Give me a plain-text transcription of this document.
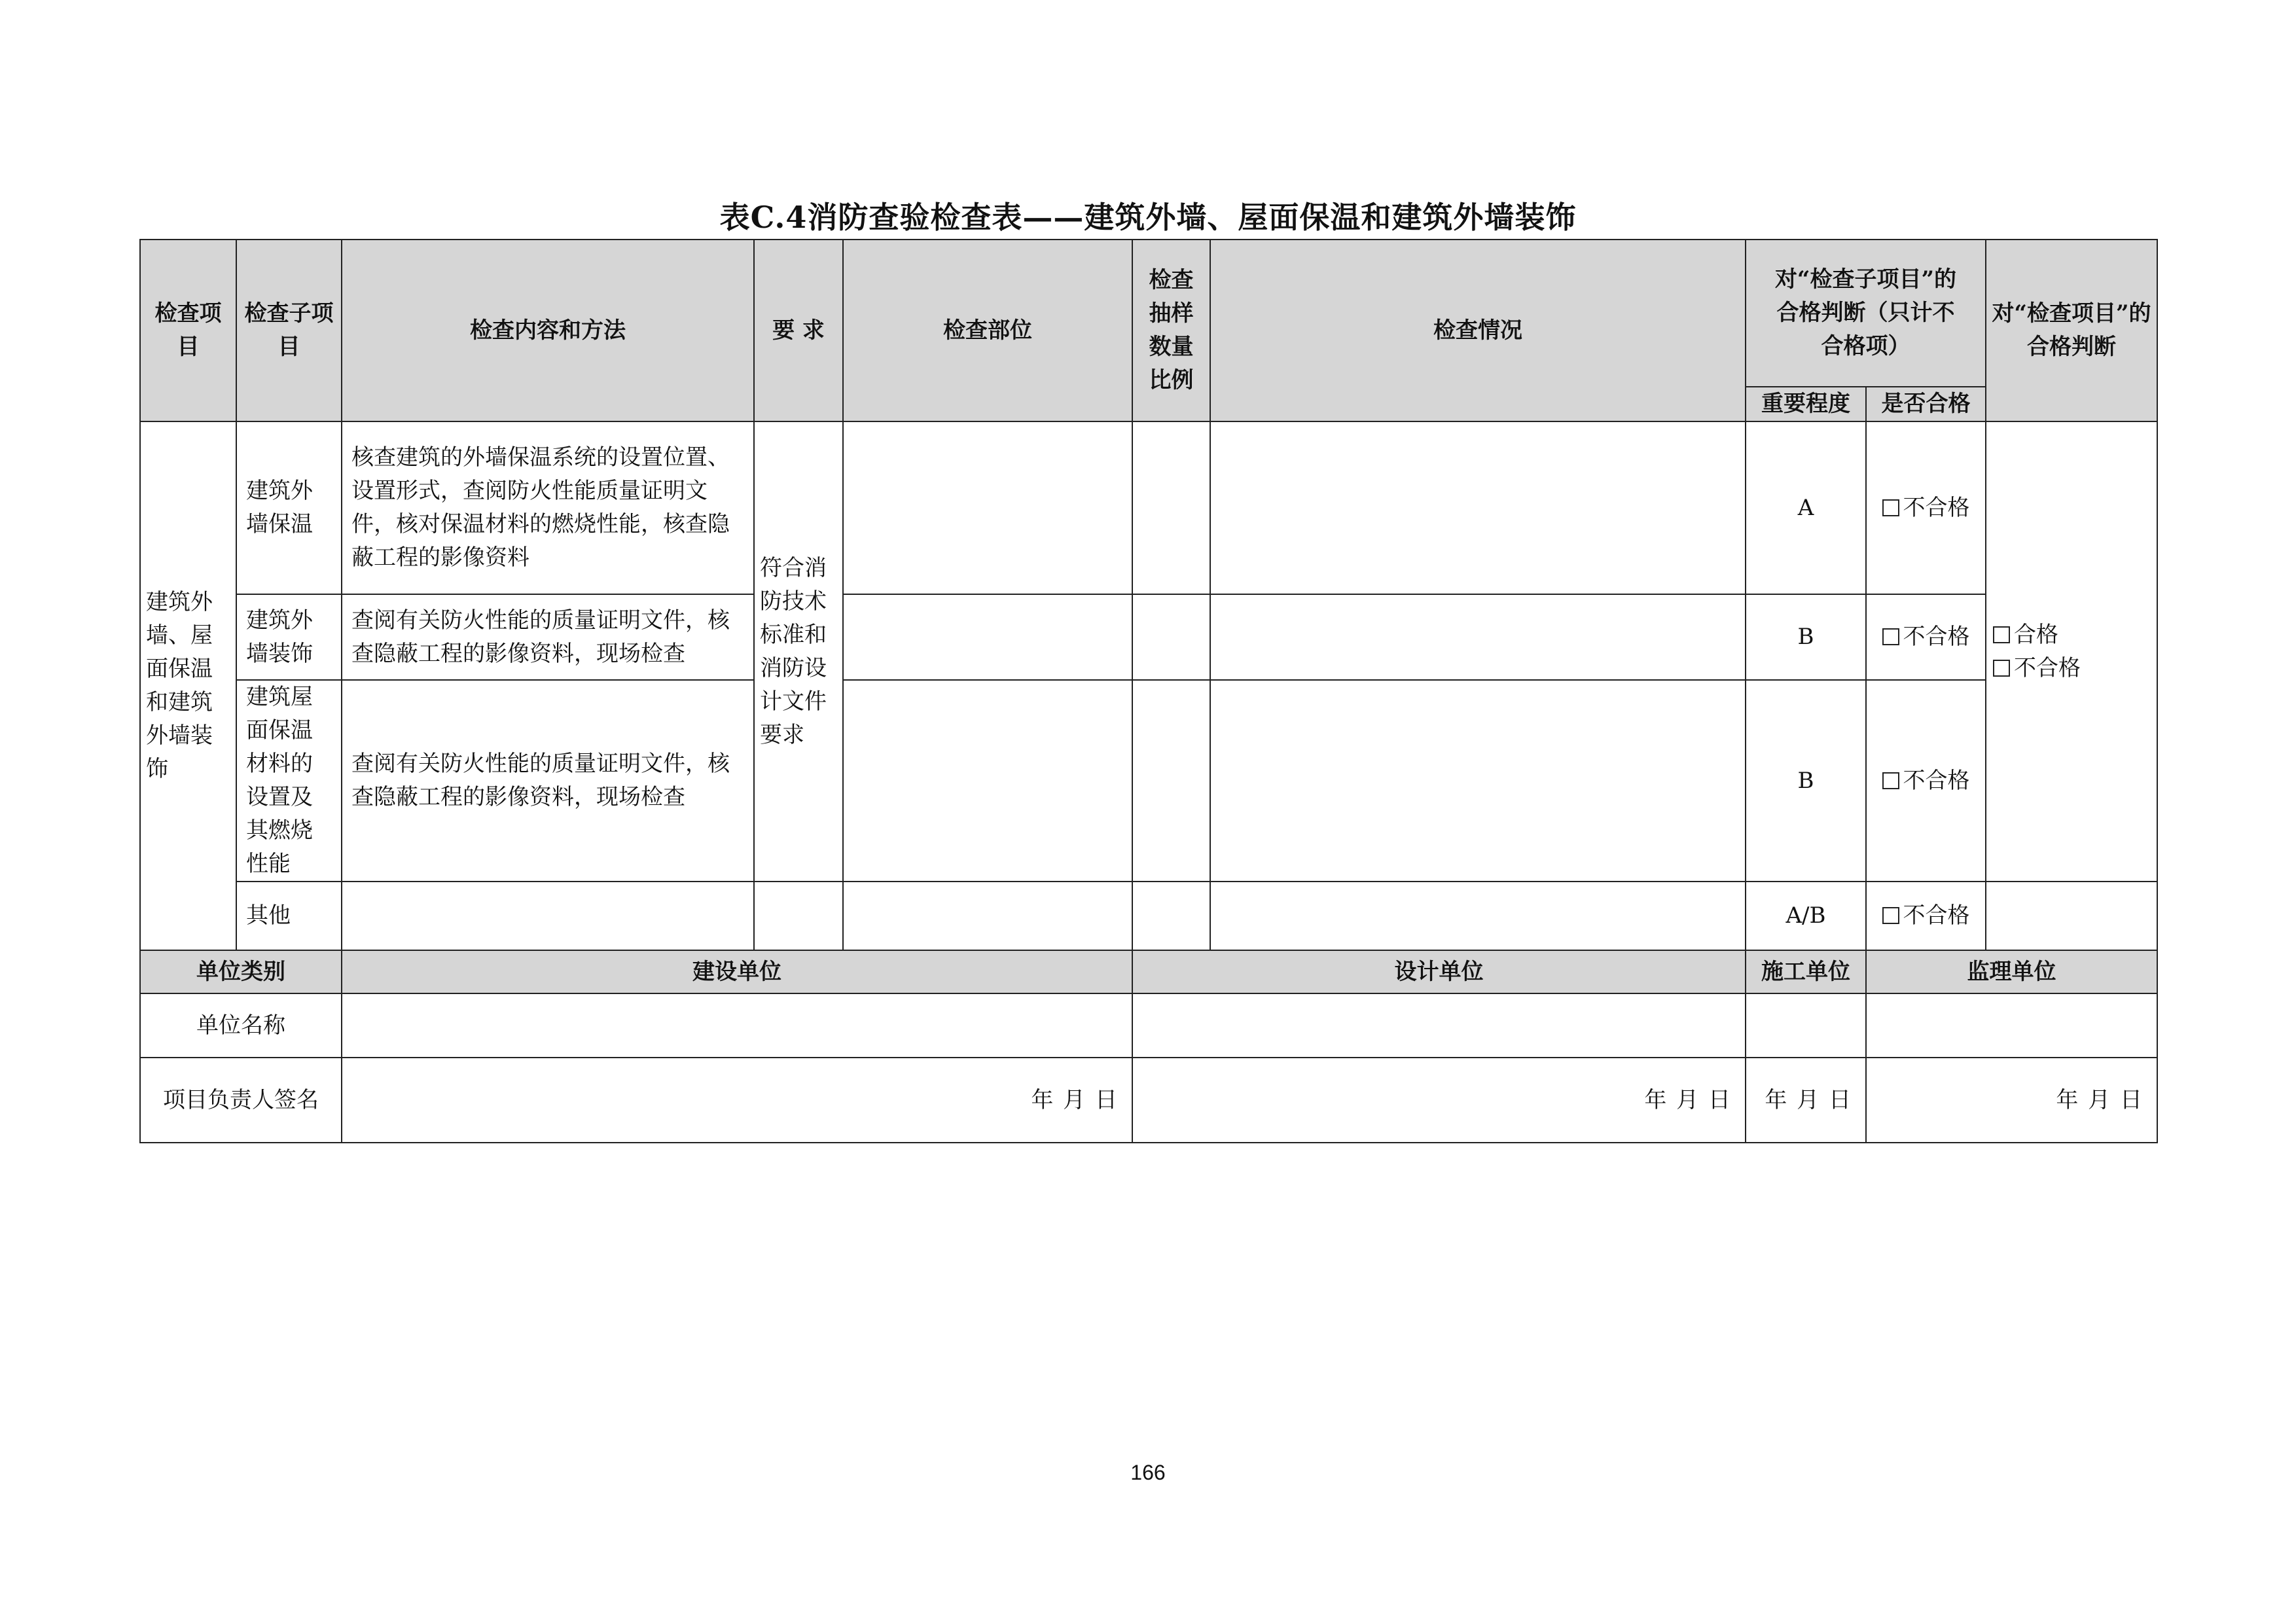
表C.4消防查验检查表——建筑外墙、屋面保温和建筑外墙装饰
检查项目	检查子项目	检查内容和方法	要 求	检查部位	检查抽样数量比例	检查情况	对“检查子项目”的合格判断（只计不合格项）		对“检查项目”的合格判断
							重要程度	是否合格	
建筑外墙、屋面保温和建筑外墙装饰	建筑外墙保温	核查建筑的外墙保温系统的设置位置、设置形式，查阅防火性能质量证明文件，核对保温材料的燃烧性能，核查隐蔽工程的影像资料	符合消防技术标准和消防设计文件要求				A	不合格	合格
不合格
	建筑外墙装饰	查阅有关防火性能的质量证明文件，核查隐蔽工程的影像资料，现场检查					B	不合格	
	建筑屋面保温材料的设置及其燃烧性能	查阅有关防火性能的质量证明文件，核查隐蔽工程的影像资料，现场检查					B	不合格	
	其他						A/B	不合格	
单位类别		建设单位			设计单位		施工单位	监理单位	
单位名称									
项目负责人签名		年 月 日			年 月 日		年 月 日	年 月 日	
166
